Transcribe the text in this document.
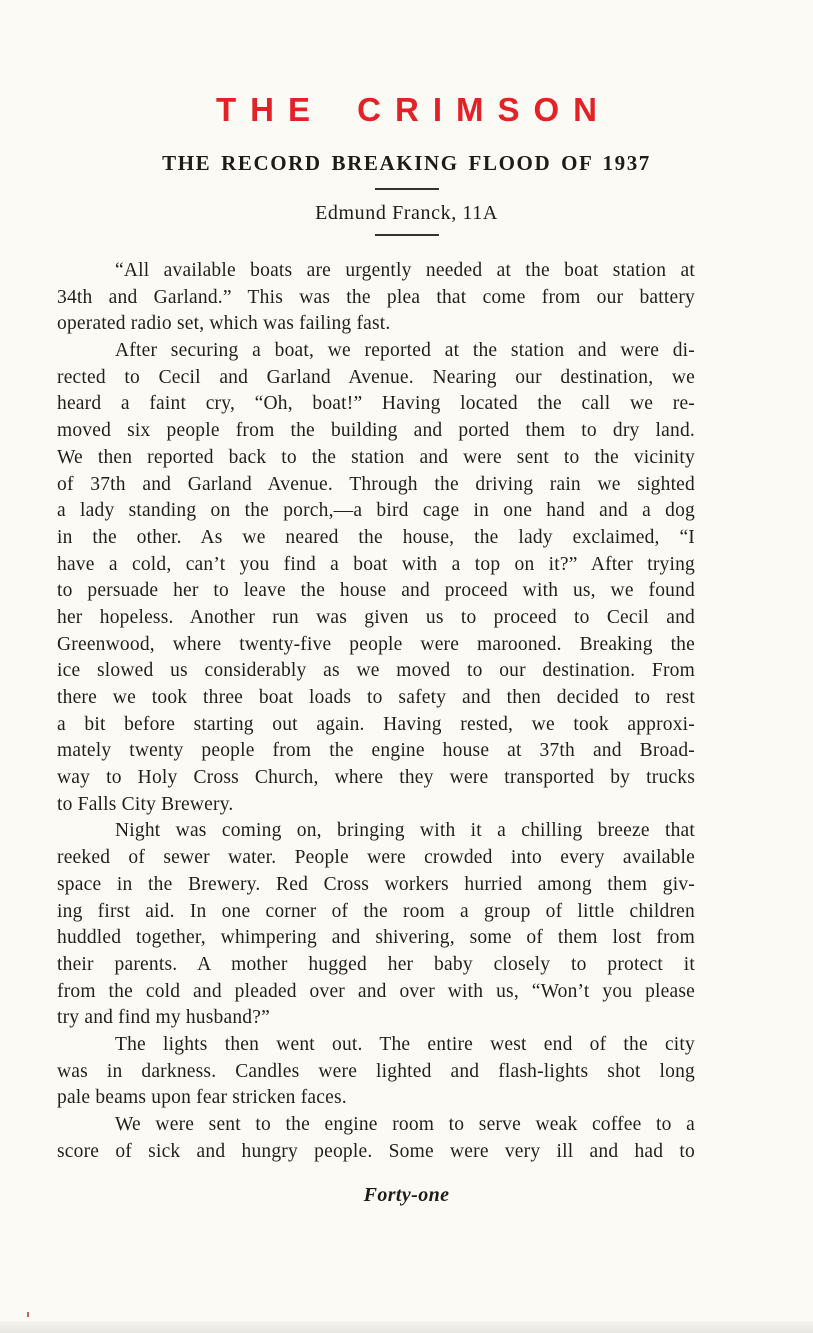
THE CRIMSON
THE RECORD BREAKING FLOOD OF 1937
Edmund Franck, 11A
“All available boats are urgently needed at the boat station at
34th and Garland.” This was the plea that come from our battery
operated radio set, which was failing fast.
After securing a boat, we reported at the station and were di-
rected to Cecil and Garland Avenue. Nearing our destination, we
heard a faint cry, “Oh, boat!” Having located the call we re-
moved six people from the building and ported them to dry land.
We then reported back to the station and were sent to the vicinity
of 37th and Garland Avenue. Through the driving rain we sighted
a lady standing on the porch,—a bird cage in one hand and a dog
in the other. As we neared the house, the lady exclaimed, “I
have a cold, can’t you find a boat with a top on it?” After trying
to persuade her to leave the house and proceed with us, we found
her hopeless. Another run was given us to proceed to Cecil and
Greenwood, where twenty-five people were marooned. Breaking the
ice slowed us considerably as we moved to our destination. From
there we took three boat loads to safety and then decided to rest
a bit before starting out again. Having rested, we took approxi-
mately twenty people from the engine house at 37th and Broad-
way to Holy Cross Church, where they were transported by trucks
to Falls City Brewery.
Night was coming on, bringing with it a chilling breeze that
reeked of sewer water. People were crowded into every available
space in the Brewery. Red Cross workers hurried among them giv-
ing first aid. In one corner of the room a group of little children
huddled together, whimpering and shivering, some of them lost from
their parents. A mother hugged her baby closely to protect it
from the cold and pleaded over and over with us, “Won’t you please
try and find my husband?”
The lights then went out. The entire west end of the city
was in darkness. Candles were lighted and flash-lights shot long
pale beams upon fear stricken faces.
We were sent to the engine room to serve weak coffee to a
score of sick and hungry people. Some were very ill and had to
Forty-one
